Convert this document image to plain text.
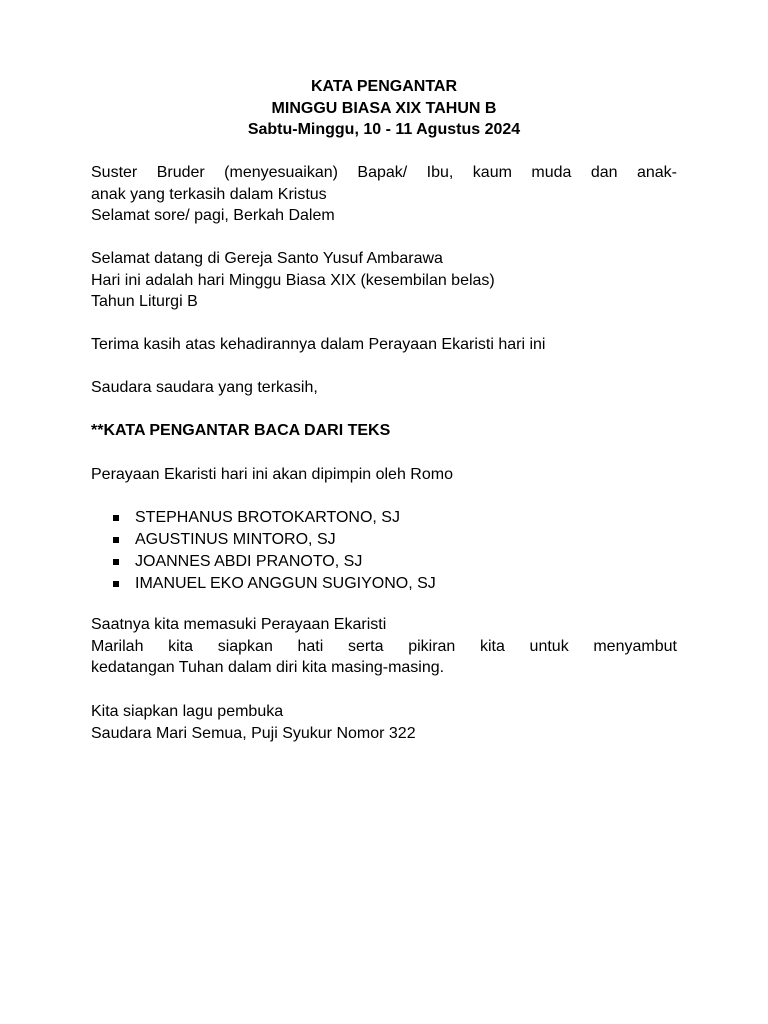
KATA PENGANTAR
MINGGU BIASA XIX TAHUN B
Sabtu-Minggu, 10 - 11 Agustus 2024
Suster Bruder (menyesuaikan) Bapak/ Ibu, kaum muda dan anak-
anak yang terkasih dalam Kristus
Selamat sore/ pagi, Berkah Dalem
Selamat datang di Gereja Santo Yusuf Ambarawa
Hari ini adalah hari Minggu Biasa XIX (kesembilan belas)
Tahun Liturgi B
Terima kasih atas kehadirannya dalam Perayaan Ekaristi hari ini
Saudara saudara yang terkasih,
**KATA PENGANTAR BACA DARI TEKS
Perayaan Ekaristi hari ini akan dipimpin oleh Romo
STEPHANUS BROTOKARTONO, SJ
AGUSTINUS MINTORO, SJ
JOANNES ABDI PRANOTO, SJ
IMANUEL EKO ANGGUN SUGIYONO, SJ
Saatnya kita memasuki Perayaan Ekaristi
Marilah kita siapkan hati serta pikiran kita untuk menyambut
kedatangan Tuhan dalam diri kita masing-masing.
Kita siapkan lagu pembuka
Saudara Mari Semua, Puji Syukur Nomor 322
